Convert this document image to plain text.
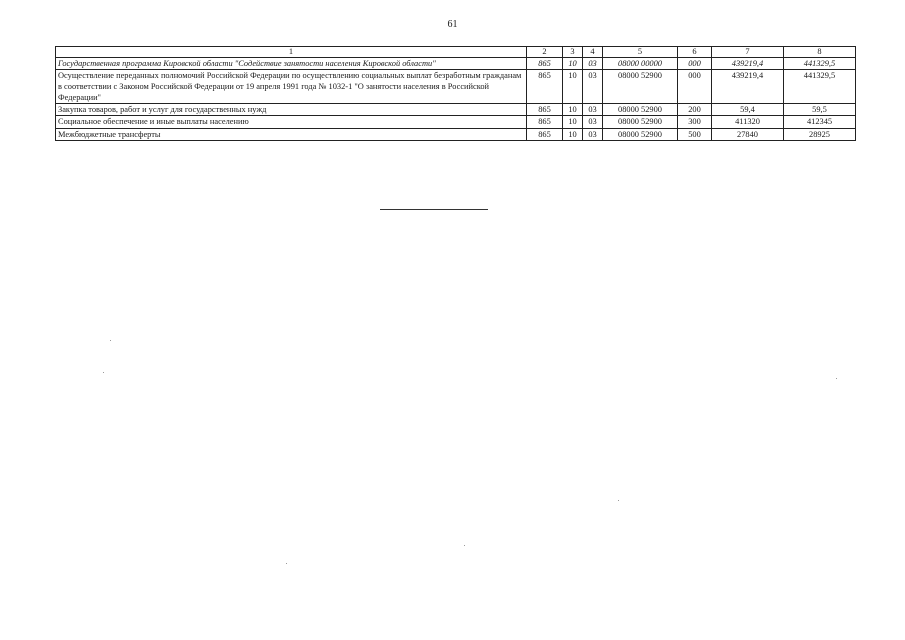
61
1	2	3	4	5	6	7	8
Государственная программа Кировской области "Содействие занятости населения Кировской области"	865	10	03	08000 00000	000	439219,4	441329,5
Осуществление переданных полномочий Российской Федерации по осуществлению социальных выплат безработным гражданам в соответствии с Законом Российской Федерации от 19 апреля 1991 года № 1032-1 "О занятости населения в Российской Федерации"	865	10	03	08000 52900	000	439219,4	441329,5
Закупка товаров, работ и услуг для государственных нужд	865	10	03	08000 52900	200	59,4	59,5
Социальное обеспечение и иные выплаты населению	865	10	03	08000 52900	300	411320	412345
Межбюджетные трансферты	865	10	03	08000 52900	500	27840	28925
